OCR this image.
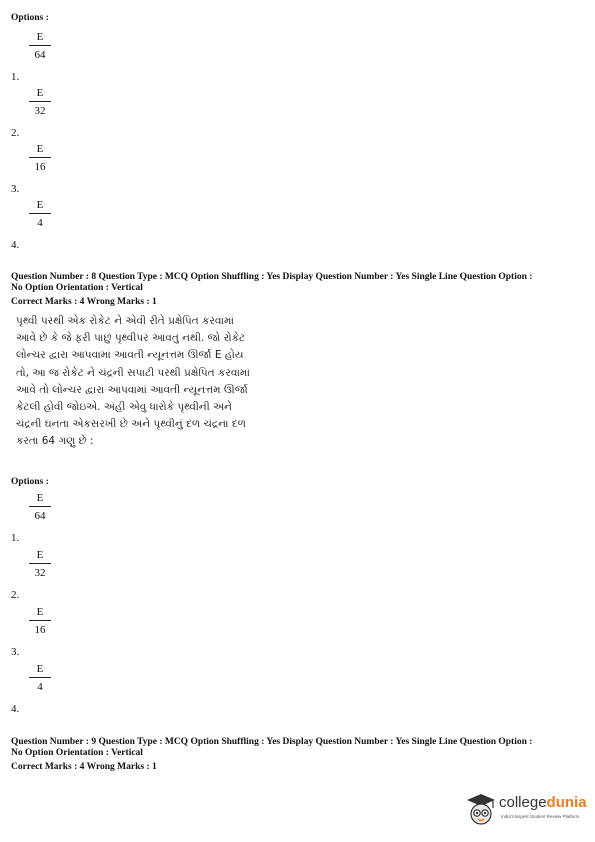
Options :
E
64
1.
E
32
2.
E
16
3.
E
4
4.
Question Number : 8 Question Type : MCQ Option Shuffling : Yes Display Question Number : Yes Single Line Question Option :
No Option Orientation : Vertical
Correct Marks : 4 Wrong Marks : 1
પૃથ્વી પરથી એક રોકેટ ને એવી રીતે પ્રક્ષેપિત કરવામાં
આવે છે કે જે ફરી પાછું પૃથ્વીપર આવતુ નથી. જો રોકેટ
લોન્ચર દ્વારા આપવામાં આવતી ન્યૂનત્તમ ઊર્જા E હોય
તો, આ જ રોકેટ ને ચંદ્રની સપાટી પરથી પ્રક્ષેપિત કરવામાં
આવે તો લોન્ચર દ્વારા આપવામાં આવતી ન્યૂનત્તમ ઊર્જા
કેટલી હોવી જોઇએ. અંહી એવુ ધારોકે પૃથ્વીની અને
ચંદ્રની ઘનતા એકસરખી છે અને પૃથ્વીનું દળ ચંદ્રના દળ
કરતા 64 ગણુ છે :
Options :
E
64
1.
E
32
2.
E
16
3.
E
4
4.
Question Number : 9 Question Type : MCQ Option Shuffling : Yes Display Question Number : Yes Single Line Question Option :
No Option Orientation : Vertical
Correct Marks : 4 Wrong Marks : 1
collegedunia
India's largest Student Review Platform
